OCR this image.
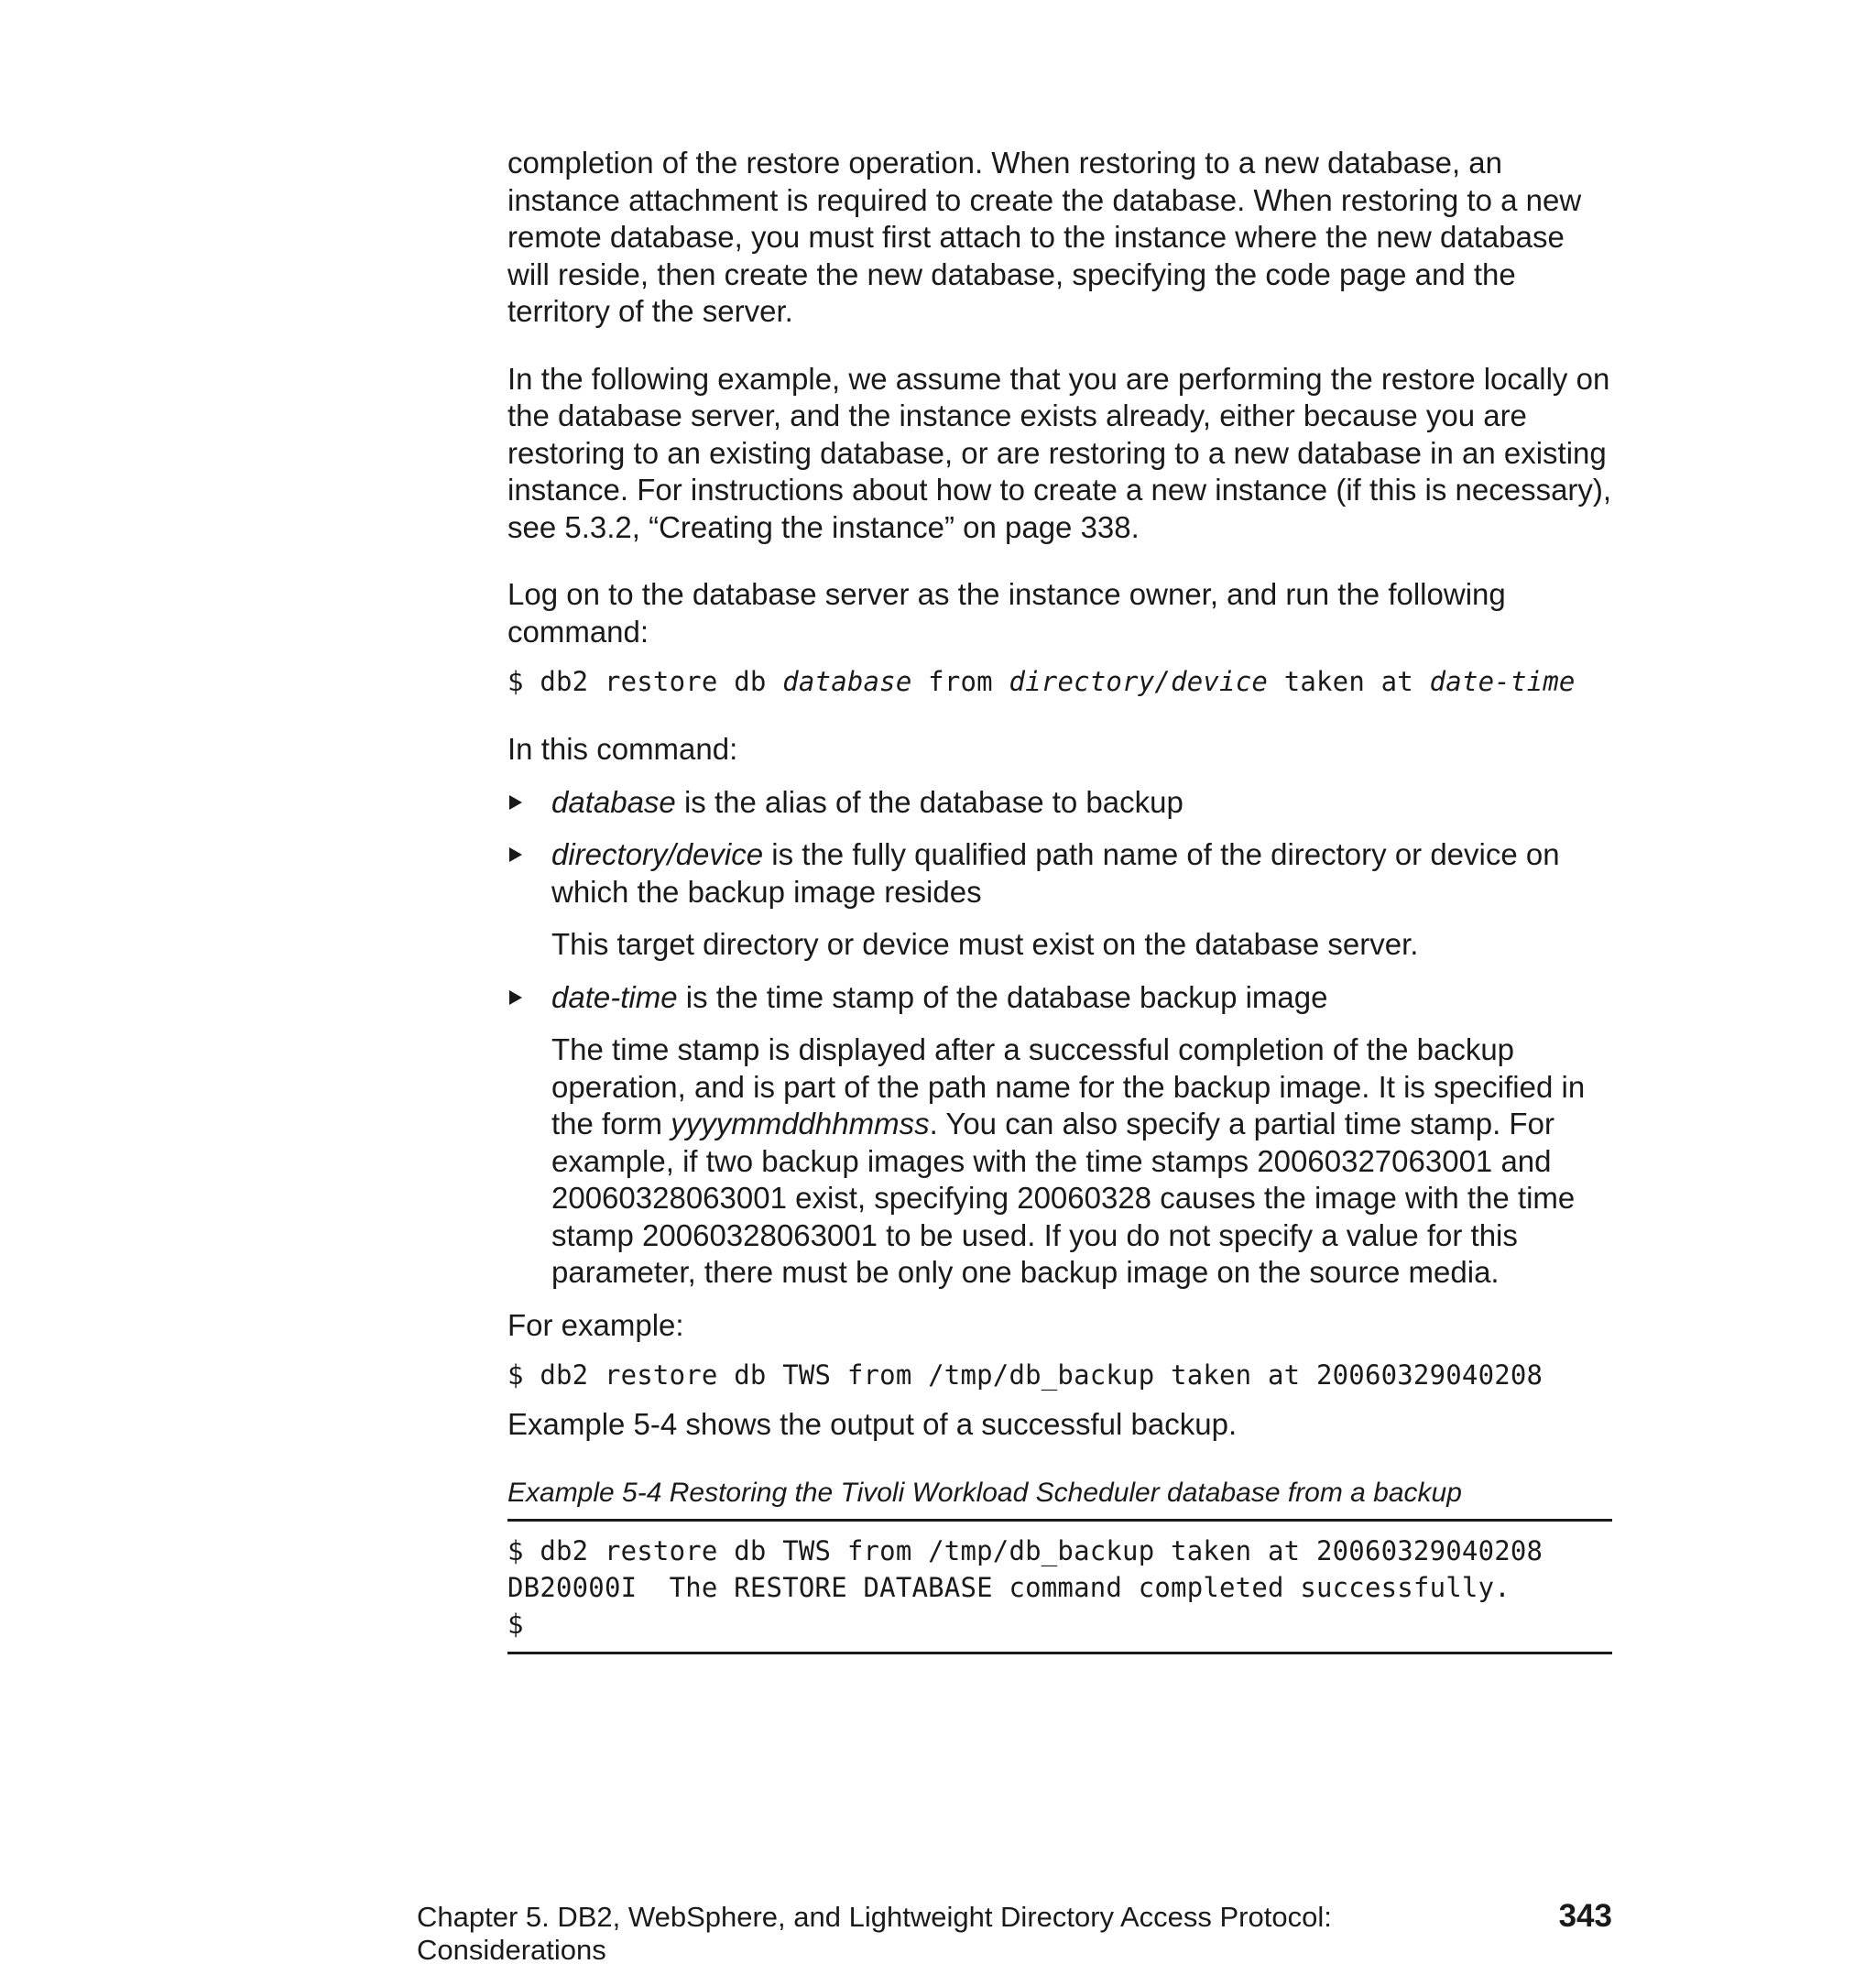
completion of the restore operation. When restoring to a new database, an instance attachment is required to create the database. When restoring to a new remote database, you must first attach to the instance where the new database will reside, then create the new database, specifying the code page and the territory of the server.

In the following example, we assume that you are performing the restore locally on the database server, and the instance exists already, either because you are restoring to an existing database, or are restoring to a new database in an existing instance. For instructions about how to create a new instance (if this is necessary), see 5.3.2, “Creating the instance” on page 338.

Log on to the database server as the instance owner, and run the following command:

$ db2 restore db database from directory/device taken at date-time

In this command:

database is the alias of the database to backup

directory/device is the fully qualified path name of the directory or device on which the backup image resides

This target directory or device must exist on the database server.

date-time is the time stamp of the database backup image

The time stamp is displayed after a successful completion of the backup operation, and is part of the path name for the backup image. It is specified in the form yyyymmddhhmmss. You can also specify a partial time stamp. For example, if two backup images with the time stamps 20060327063001 and 20060328063001 exist, specifying 20060328 causes the image with the time stamp 20060328063001 to be used. If you do not specify a value for this parameter, there must be only one backup image on the source media.

For example:

$ db2 restore db TWS from /tmp/db_backup taken at 20060329040208

Example 5-4 shows the output of a successful backup.

Example 5-4 Restoring the Tivoli Workload Scheduler database from a backup
$ db2 restore db TWS from /tmp/db_backup taken at 20060329040208
DB20000I  The RESTORE DATABASE command completed successfully.
$
Chapter 5. DB2, WebSphere, and Lightweight Directory Access Protocol: Considerations
343
